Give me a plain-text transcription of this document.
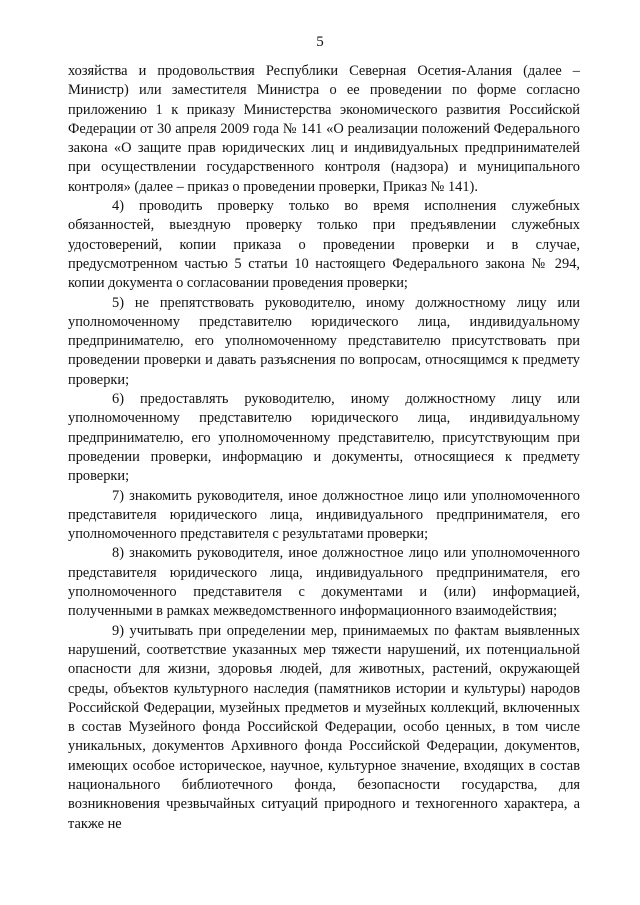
5

хозяйства и продовольствия Республики Северная Осетия-Алания (далее – Министр) или заместителя Министра о ее проведении по форме согласно приложению 1 к приказу Министерства экономического развития Российской Федерации от 30 апреля 2009 года № 141 «О реализации положений Федерального закона «О защите прав юридических лиц и индивидуальных предпринимателей при осуществлении государственного контроля (надзора) и муниципального контроля» (далее – приказ о проведении проверки, Приказ № 141).

4) проводить проверку только во время исполнения служебных обязанностей, выездную проверку только при предъявлении служебных удостоверений, копии приказа о проведении проверки и в случае, предусмотренном частью 5 статьи 10 настоящего Федерального закона № 294, копии документа о согласовании проведения проверки;

5) не препятствовать руководителю, иному должностному лицу или уполномоченному представителю юридического лица, индивидуальному предпринимателю, его уполномоченному представителю присутствовать при проведении проверки и давать разъяснения по вопросам, относящимся к предмету проверки;

6) предоставлять руководителю, иному должностному лицу или уполномоченному представителю юридического лица, индивидуальному предпринимателю, его уполномоченному представителю, присутствующим при проведении проверки, информацию и документы, относящиеся к предмету проверки;

7) знакомить руководителя, иное должностное лицо или уполномоченного представителя юридического лица, индивидуального предпринимателя, его уполномоченного представителя с результатами проверки;

8) знакомить руководителя, иное должностное лицо или уполномоченного представителя юридического лица, индивидуального предпринимателя, его уполномоченного представителя с документами и (или) информацией, полученными в рамках межведомственного информационного взаимодействия;

9) учитывать при определении мер, принимаемых по фактам выявленных нарушений, соответствие указанных мер тяжести нарушений, их потенциальной опасности для жизни, здоровья людей, для животных, растений, окружающей среды, объектов культурного наследия (памятников истории и культуры) народов Российской Федерации, музейных предметов и музейных коллекций, включенных в состав Музейного фонда Российской Федерации, особо ценных, в том числе уникальных, документов Архивного фонда Российской Федерации, документов, имеющих особое историческое, научное, культурное значение, входящих в состав национального библиотечного фонда, безопасности государства, для возникновения чрезвычайных ситуаций природного и техногенного характера, а также не
